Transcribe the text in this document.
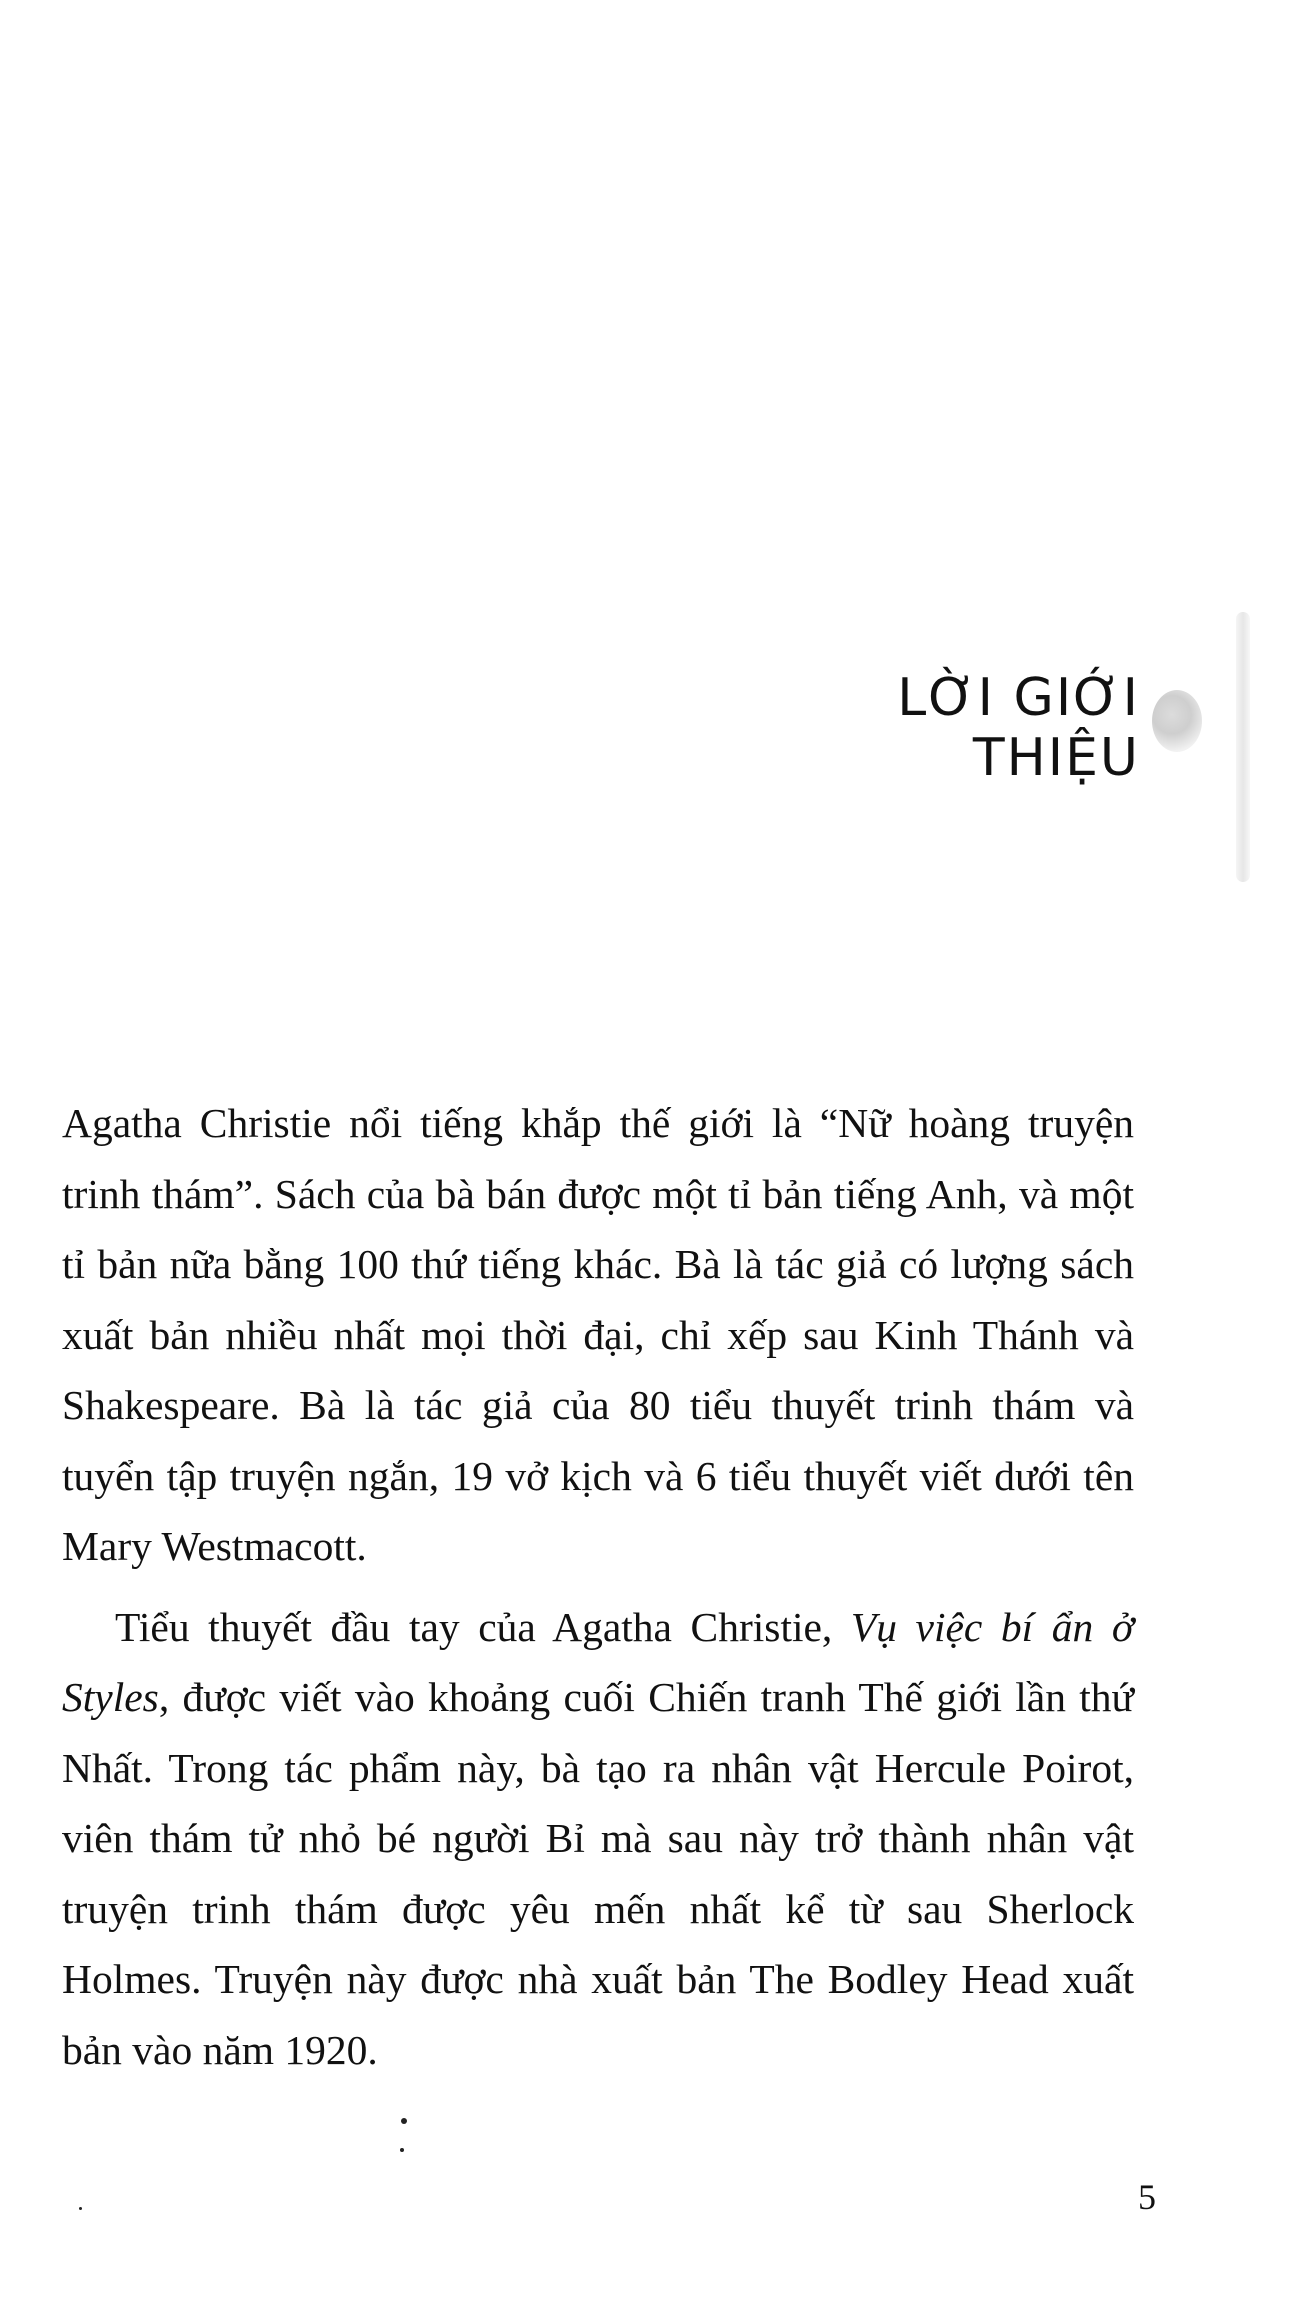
LỜI GIỚI THIỆU

Agatha Christie nổi tiếng khắp thế giới là “Nữ hoàng truyện trinh thám”. Sách của bà bán được một tỉ bản tiếng Anh, và một tỉ bản nữa bằng 100 thứ tiếng khác. Bà là tác giả có lượng sách xuất bản nhiều nhất mọi thời đại, chỉ xếp sau Kinh Thánh và Shakespeare. Bà là tác giả của 80 tiểu thuyết trinh thám và tuyển tập truyện ngắn, 19 vở kịch và 6 tiểu thuyết viết dưới tên Mary Westmacott.

Tiểu thuyết đầu tay của Agatha Christie, Vụ việc bí ẩn ở Styles, được viết vào khoảng cuối Chiến tranh Thế giới lần thứ Nhất. Trong tác phẩm này, bà tạo ra nhân vật Hercule Poirot, viên thám tử nhỏ bé người Bỉ mà sau này trở thành nhân vật truyện trinh thám được yêu mến nhất kể từ sau Sherlock Holmes. Truyện này được nhà xuất bản The Bodley Head xuất bản vào năm 1920.

5
